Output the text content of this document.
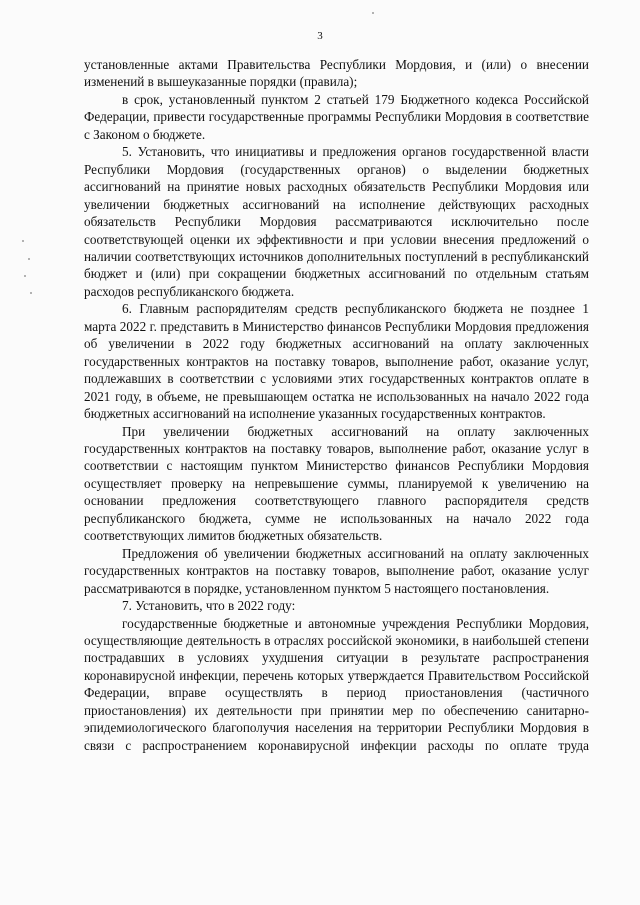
3

установленные актами Правительства Республики Мордовия, и (или) о внесении изменений в вышеуказанные порядки (правила);

в срок, установленный пунктом 2 статьей 179 Бюджетного кодекса Российской Федерации, привести государственные программы Республики Мордовия в соответствие с Законом о бюджете.

5. Установить, что инициативы и предложения органов государственной власти Республики Мордовия (государственных органов) о выделении бюджетных ассигнований на принятие новых расходных обязательств Республики Мордовия или увеличении бюджетных ассигнований на исполнение действующих расходных обязательств Республики Мордовия рассматриваются исключительно после соответствующей оценки их эффективности и при условии внесения предложений о наличии соответствующих источников дополнительных поступлений в республиканский бюджет и (или) при сокращении бюджетных ассигнований по отдельным статьям расходов республиканского бюджета.

6. Главным распорядителям средств республиканского бюджета не позднее 1 марта 2022 г. представить в Министерство финансов Республики Мордовия предложения об увеличении в 2022 году бюджетных ассигнований на оплату заключенных государственных контрактов на поставку товаров, выполнение работ, оказание услуг, подлежавших в соответствии с условиями этих государственных контрактов оплате в 2021 году, в объеме, не превышающем остатка не использованных на начало 2022 года бюджетных ассигнований на исполнение указанных государственных контрактов.

При увеличении бюджетных ассигнований на оплату заключенных государственных контрактов на поставку товаров, выполнение работ, оказание услуг в соответствии с настоящим пунктом Министерство финансов Республики Мордовия осуществляет проверку на непревышение суммы, планируемой к увеличению на основании предложения соответствующего главного распорядителя средств республиканского бюджета, сумме не использованных на начало 2022 года соответствующих лимитов бюджетных обязательств.

Предложения об увеличении бюджетных ассигнований на оплату заключенных государственных контрактов на поставку товаров, выполнение работ, оказание услуг рассматриваются в порядке, установленном пунктом 5 настоящего постановления.

7. Установить, что в 2022 году:

государственные бюджетные и автономные учреждения Республики Мордовия, осуществляющие деятельность в отраслях российской экономики, в наибольшей степени пострадавших в условиях ухудшения ситуации в результате распространения коронавирусной инфекции, перечень которых утверждается Правительством Российской Федерации, вправе осуществлять в период приостановления (частичного приостановления) их деятельности при принятии мер по обеспечению санитарно-эпидемиологического благополучия населения на территории Республики Мордовия в связи с распространением коронавирусной инфекции расходы по оплате труда
